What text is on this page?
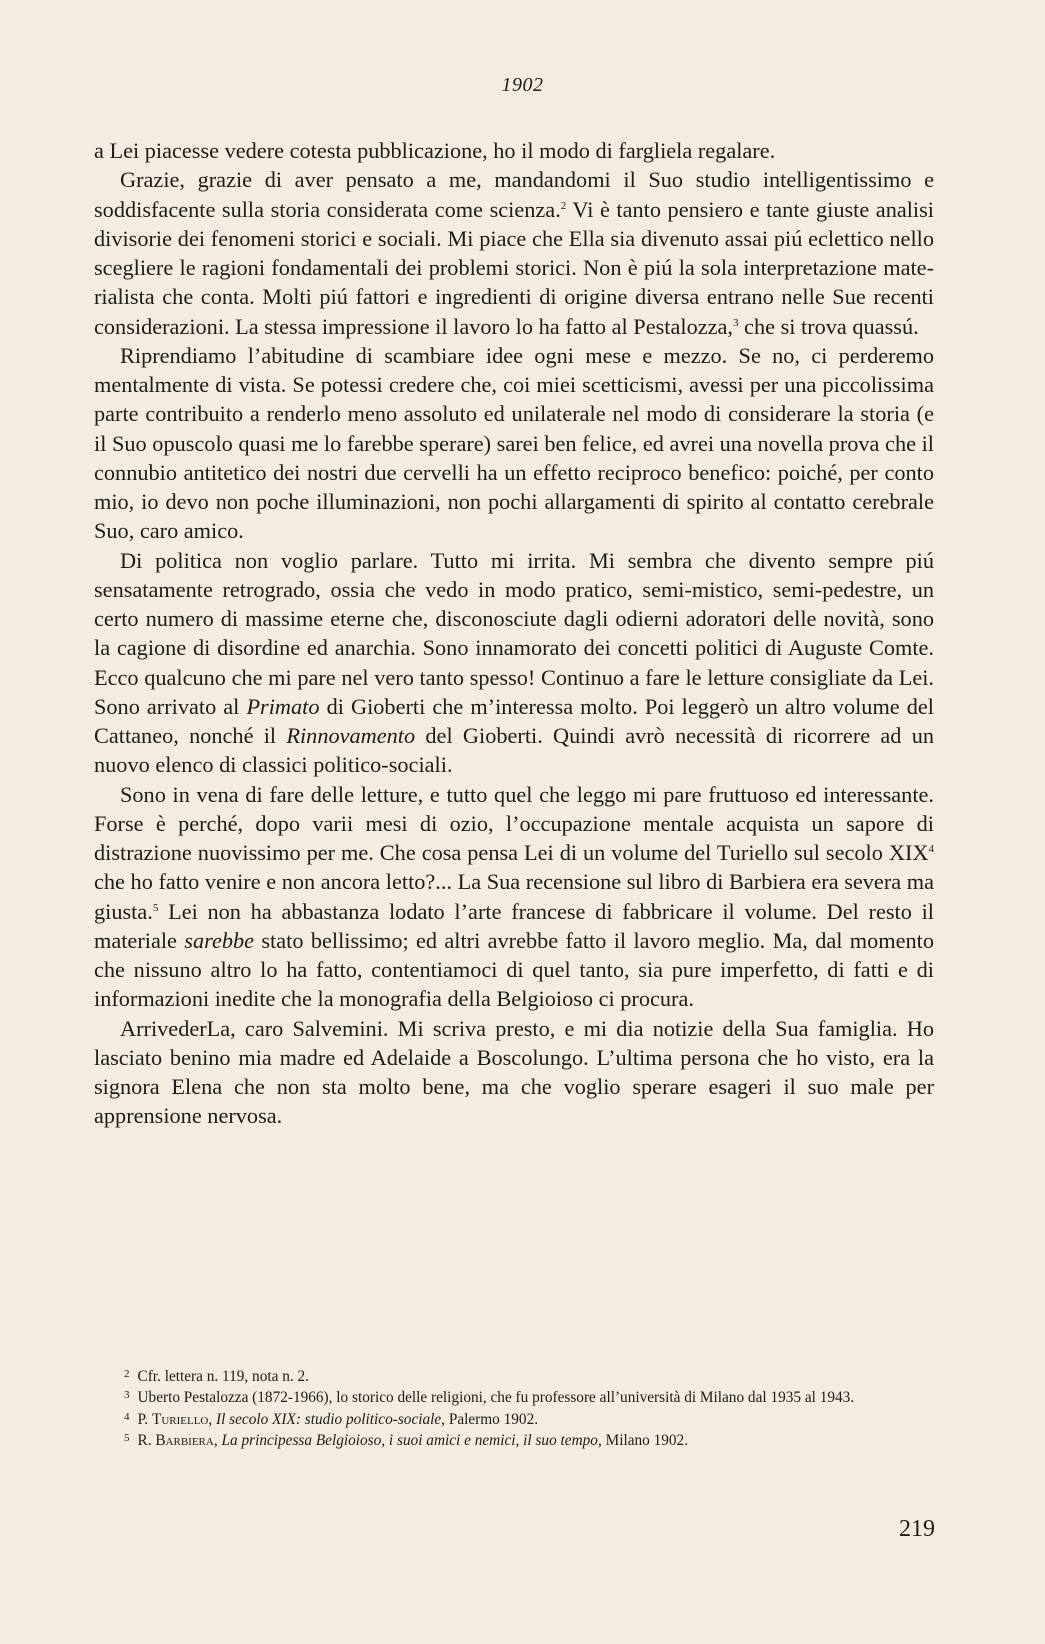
1902

a Lei piacesse vedere cotesta pubblicazione, ho il modo di fargliela regalare.

Grazie, grazie di aver pensato a me, mandandomi il Suo studio intelligentissimo e soddisfacente sulla storia considerata come scienza.$^2$ Vi è tanto pensiero e tante giuste analisi divisorie dei fenomeni storici e sociali. Mi piace che Ella sia divenuto assai piú eclettico nello scegliere le ragioni fondamentali dei problemi storici. Non è piú la sola interpretazione materialista che conta. Molti piú fattori e ingredienti di origine diversa entrano nelle Sue recenti considerazioni. La stessa impressione il lavoro lo ha fatto al Pestalozza,$^3$ che si trova quassú.

Riprendiamo l’abitudine di scambiare idee ogni mese e mezzo. Se no, ci perderemo mentalmente di vista. Se potessi credere che, coi miei scetticismi, avessi per una piccolissima parte contribuito a renderlo meno assoluto ed unilaterale nel modo di considerare la storia (e il Suo opuscolo quasi me lo farebbe sperare) sarei ben felice, ed avrei una novella prova che il connubio antitetico dei nostri due cervelli ha un effetto reciproco benefico: poiché, per conto mio, io devo non poche illuminazioni, non pochi allargamenti di spirito al contatto cerebrale Suo, caro amico.

Di politica non voglio parlare. Tutto mi irrita. Mi sembra che divento sempre piú sensatamente retrogrado, ossia che vedo in modo pratico, semi-mistico, semi-pedestre, un certo numero di massime eterne che, disconosciute dagli odierni adoratori delle novità, sono la cagione di disordine ed anarchia. Sono innamorato dei concetti politici di Auguste Comte. Ecco qualcuno che mi pare nel vero tanto spesso! Continuo a fare le letture consigliate da Lei. Sono arrivato al Primato di Gioberti che m’interessa molto. Poi leggerò un altro volume del Cattaneo, nonché il Rinnovamento del Gioberti. Quindi avrò necessità di ricorrere ad un nuovo elenco di classici politico-sociali.

Sono in vena di fare delle letture, e tutto quel che leggo mi pare fruttuoso ed interessante. Forse è perché, dopo varii mesi di ozio, l’occupazione mentale acquista un sapore di distrazione nuovissimo per me. Che cosa pensa Lei di un volume del Turiello sul secolo XIX$^4$ che ho fatto venire e non ancora letto?... La Sua recensione sul libro di Barbiera era severa ma giusta.$^5$ Lei non ha abbastanza lodato l’arte francese di fabbricare il volume. Del resto il materiale sarebbe stato bellissimo; ed altri avrebbe fatto il lavoro meglio. Ma, dal momento che nissuno altro lo ha fatto, contentiamoci di quel tanto, sia pure imperfetto, di fatti e di informazioni inedite che la monografia della Belgioioso ci procura.

ArrivederLa, caro Salvemini. Mi scriva presto, e mi dia notizie della Sua famiglia. Ho lasciato benino mia madre ed Adelaide a Boscolungo. L’ultima persona che ho visto, era la signora Elena che non sta molto bene, ma che voglio sperare esageri il suo male per apprensione nervosa.

$^2$ Cfr. lettera n. 119, nota n. 2.

$^3$ Uberto Pestalozza (1872-1966), lo storico delle religioni, che fu professore all’università di Milano dal 1935 al 1943.

$^4$ P. Turiello, Il secolo XIX: studio politico-sociale, Palermo 1902.

$^5$ R. Barbiera, La principessa Belgioioso, i suoi amici e nemici, il suo tempo, Milano 1902.

219
